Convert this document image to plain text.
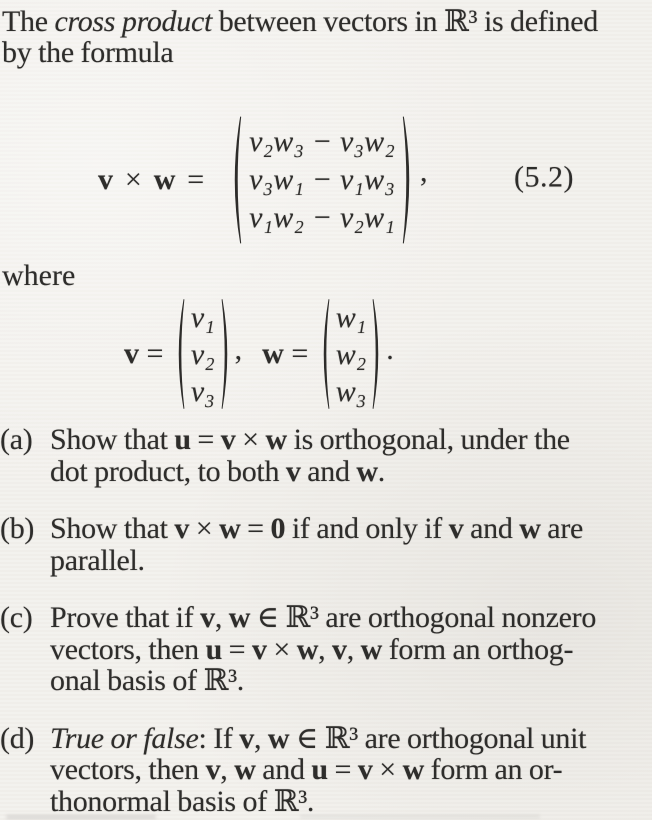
The cross product between vectors in ℝ³ is defined
by the formula
v × w =
v₂w₃ − v₃w₂
v₃w₁ − v₁w₃
v₁w₂ − v₂w₁
,	(5.2)
where
v =
v₁
v₂
v₃
, w =
w₁
w₂
w₃
.
(a) Show that u = v × w is orthogonal, under the
dot product, to both v and w.
(b) Show that v × w = 0 if and only if v and w are
parallel.
(c) Prove that if v, w ∈ ℝ³ are orthogonal nonzero
vectors, then u = v × w, v, w form an orthog-
onal basis of ℝ³.
(d) True or false: If v, w ∈ ℝ³ are orthogonal unit
vectors, then v, w and u = v × w form an or-
thonormal basis of ℝ³.
